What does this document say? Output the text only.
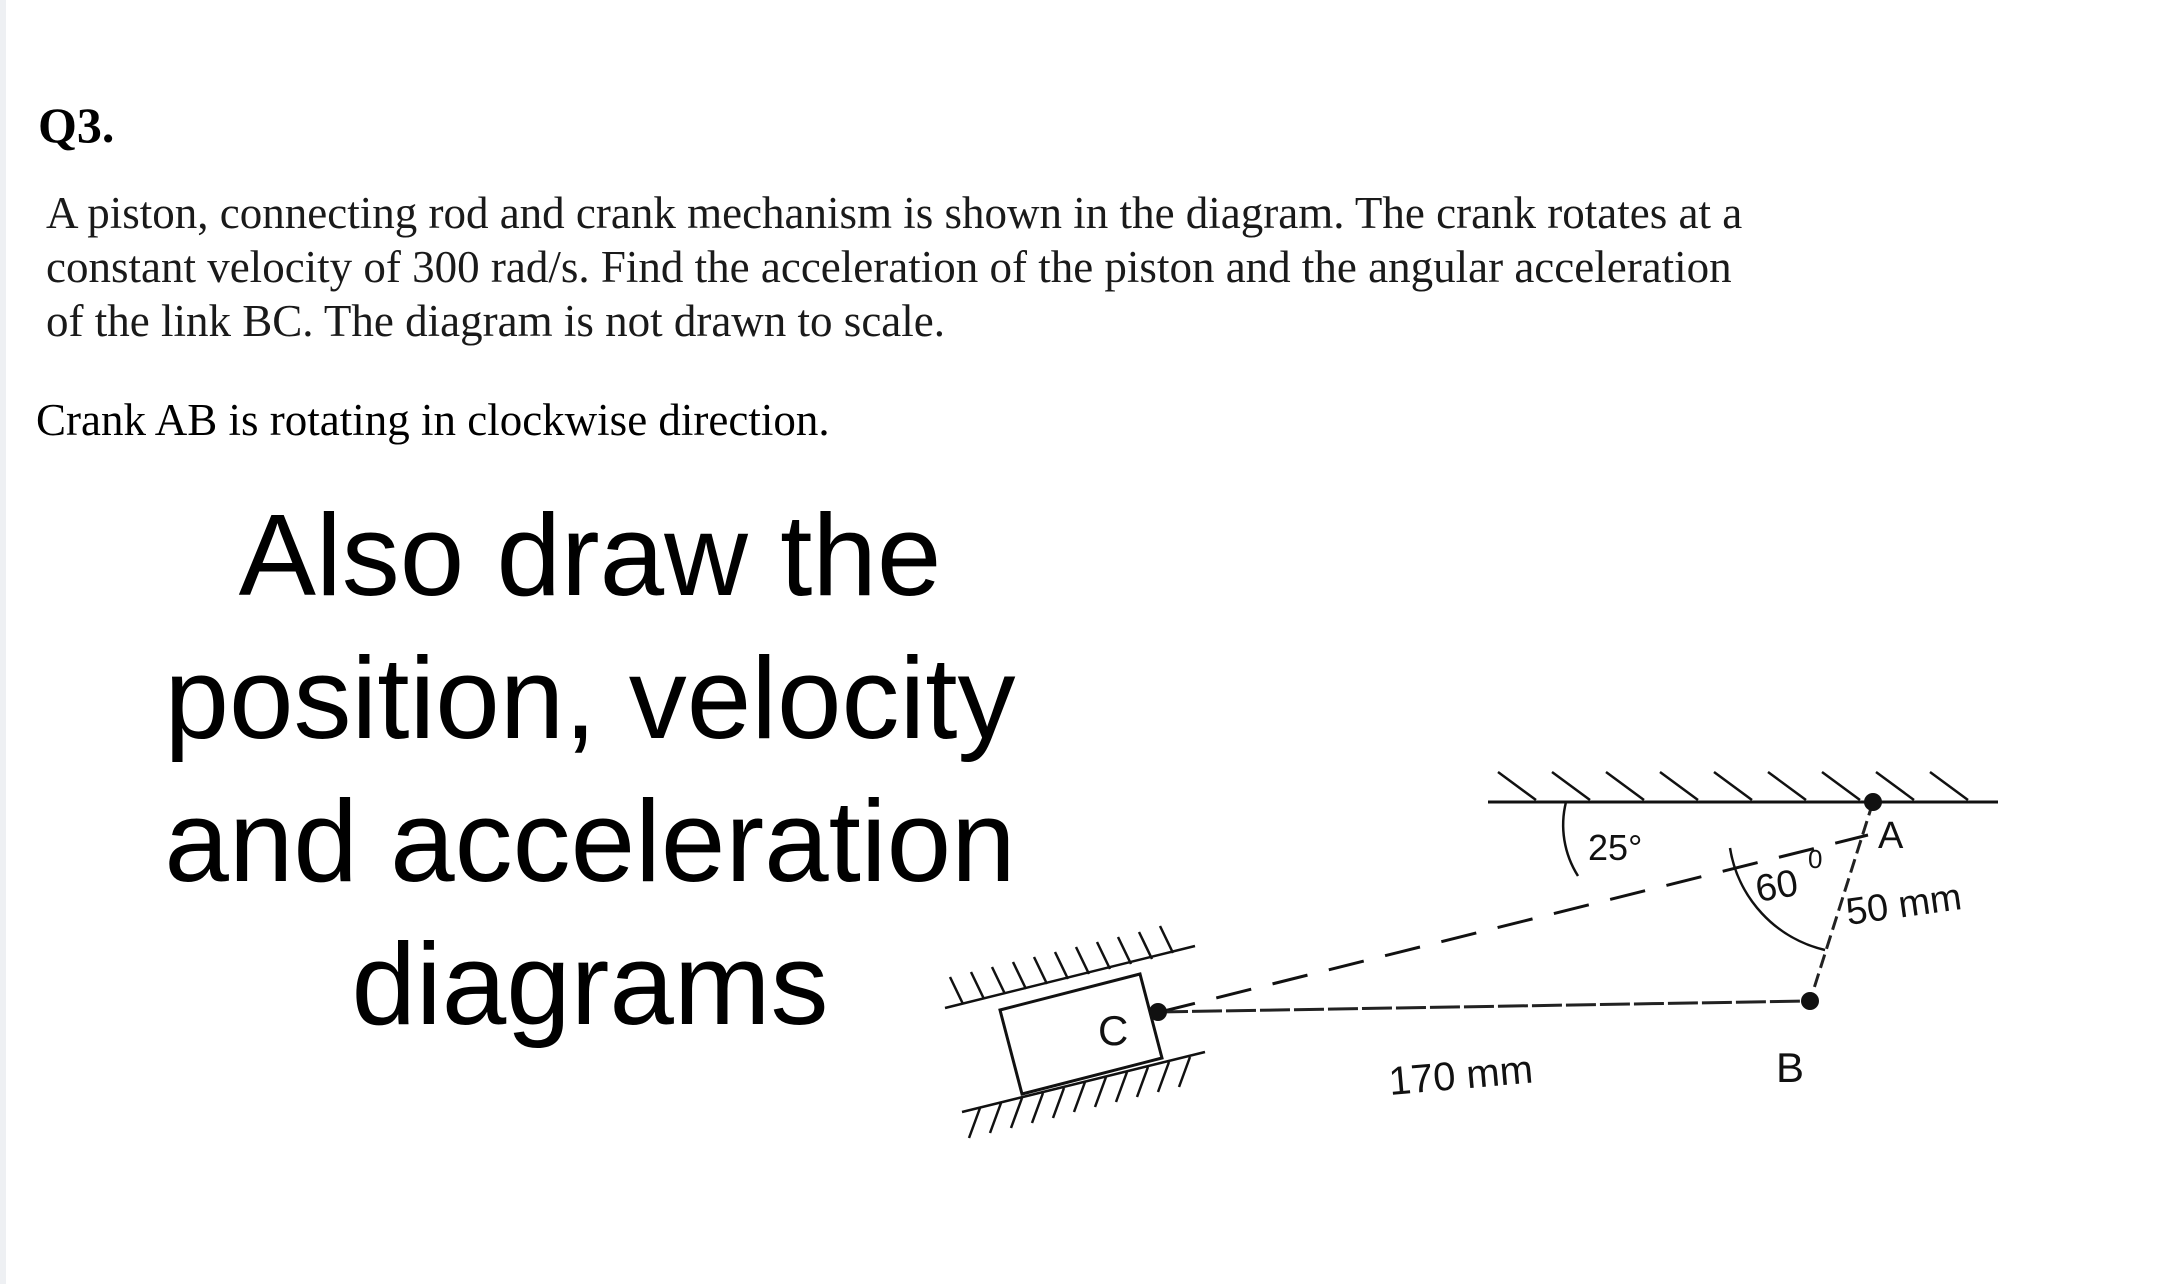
Q3.
A piston, connecting rod and crank mechanism is shown in the diagram. The crank rotates at a
constant velocity of 300 rad/s. Find the acceleration of the piston and the angular acceleration
of the link BC. The diagram is not drawn to scale.
Crank AB is rotating in clockwise direction.
Also draw the
position, velocity
and acceleration
diagrams
A
B
C
25°
60
0
50 mm
170 mm
